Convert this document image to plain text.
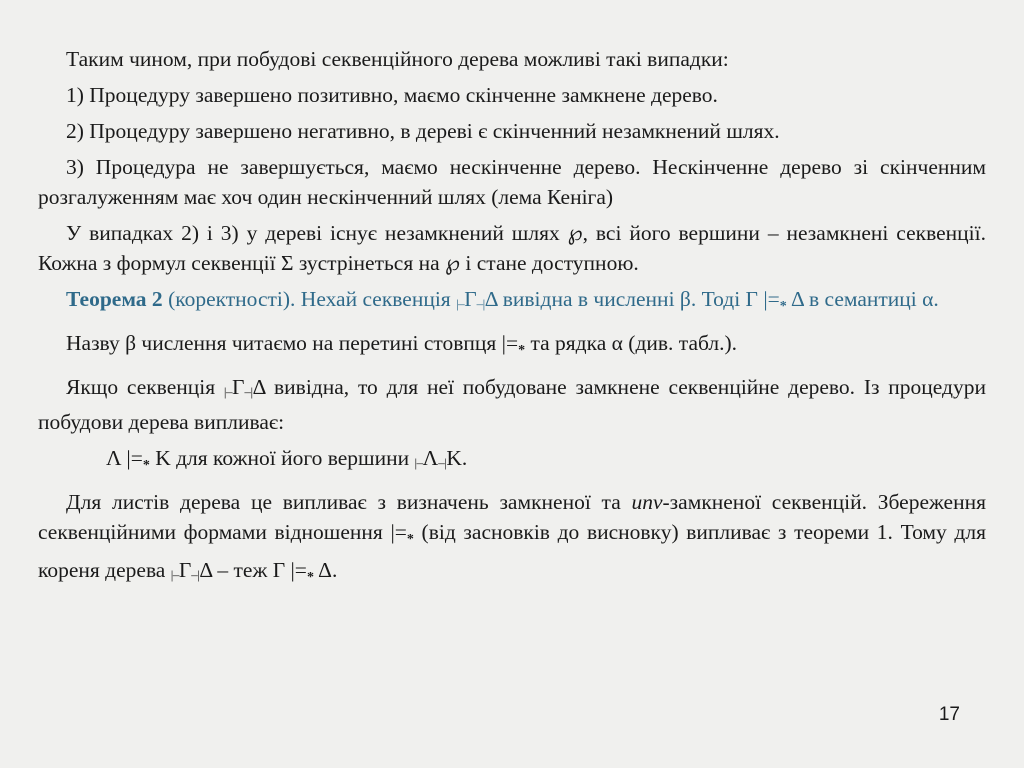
Таким чином, при побудові секвенційного дерева можливі такі випадки:

1) Процедуру завершено позитивно, маємо скінченне замкнене дерево.

2) Процедуру завершено негативно, в дереві є скінченний незамкнений шлях.

3) Процедура не завершується, маємо нескінченне дерево. Нескінченне дерево зі скінченним розгалуженням має хоч один нескінченний шлях (лема Кеніга)

У випадках 2) і 3) у дереві існує незамкнений шлях ℘, всі його вершини – незамкнені секвенції. Кожна з формул секвенції Σ зустрінеться на ℘ і стане доступною.

Теорема 2 (коректності). Нехай секвенція |–Γ–|Δ вивідна в численні β. Тоді Γ $|=_*$ Δ в семантиці α.

Назву β числення читаємо на перетині стовпця $|=_*$ та рядка α (див. табл.).

Якщо секвенція |–Γ–|Δ вивідна, то для неї побудоване замкнене секвенційне дерево. Із процедури побудови дерева випливає:

Λ $|=_*$ K для кожної його вершини |–Λ–|K.

Для листів дерева це випливає з визначень замкненої та unv-замкненої секвенцій. Збереження секвенційними формами відношення $|=_*$ (від засновків до висновку) випливає з теореми 1. Тому для кореня дерева |–Γ–|Δ – теж Γ $|=_*$ Δ.

17
